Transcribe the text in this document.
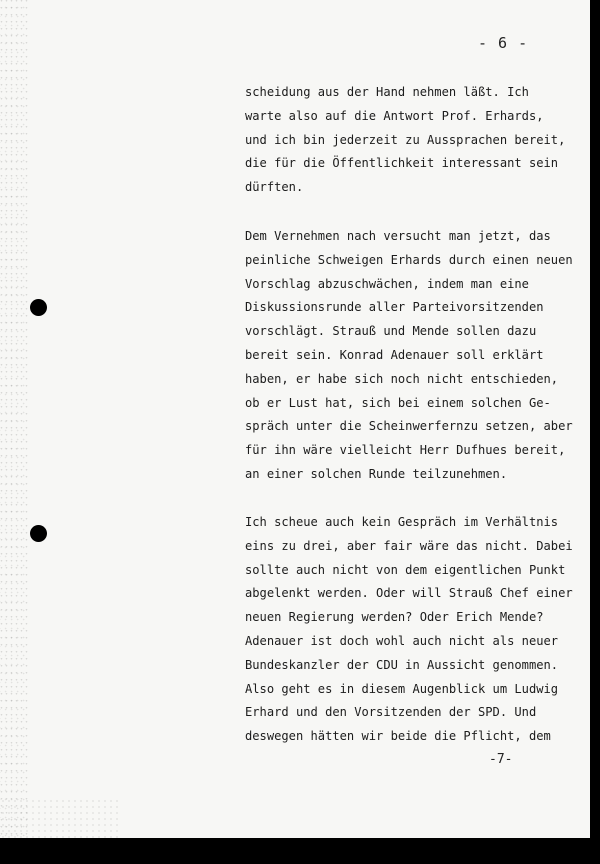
- 6 -

scheidung aus der Hand nehmen läßt. Ich
warte also auf die Antwort Prof. Erhards,
und ich bin jederzeit zu Aussprachen bereit,
die für die Öffentlichkeit interessant sein
dürften.

Dem Vernehmen nach versucht man jetzt, das
peinliche Schweigen Erhards durch einen neuen
Vorschlag abzuschwächen, indem man eine
Diskussionsrunde aller Parteivorsitzenden
vorschlägt. Strauß und Mende sollen dazu
bereit sein. Konrad Adenauer soll erklärt
haben, er habe sich noch nicht entschieden,
ob er Lust hat, sich bei einem solchen Ge-
spräch unter die Scheinwerfernzu setzen, aber
für ihn wäre vielleicht Herr Dufhues bereit,
an einer solchen Runde teilzunehmen.

Ich scheue auch kein Gespräch im Verhältnis
eins zu drei, aber fair wäre das nicht. Dabei
sollte auch nicht von dem eigentlichen Punkt
abgelenkt werden. Oder will Strauß Chef einer
neuen Regierung werden? Oder Erich Mende?
Adenauer ist doch wohl auch nicht als neuer
Bundeskanzler der CDU in Aussicht genommen.
Also geht es in diesem Augenblick um Ludwig
Erhard und den Vorsitzenden der SPD. Und
deswegen hätten wir beide die Pflicht, dem

-7-
